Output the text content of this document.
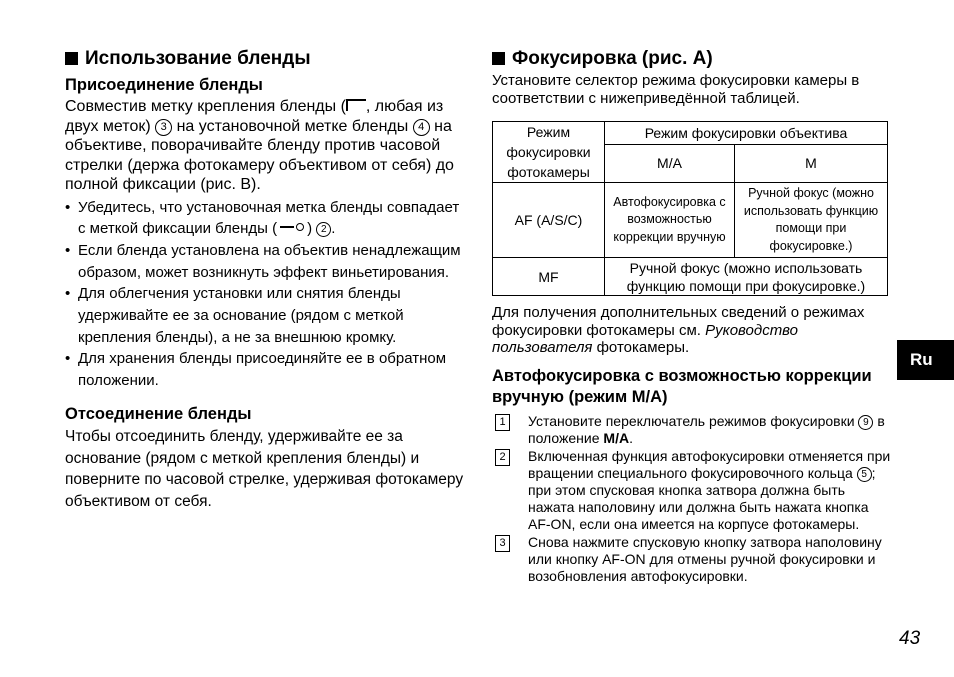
Использование бленды
Присоединение бленды

Совместив метку крепления бленды ( , любая из двух меток) 3 на установочной метке бленды 4 на объективе, поворачивайте бленду против часовой стрелки (держа фотокамеру объективом от себя) до полной фиксации (рис. B).

• Убедитесь, что установочная метка бленды совпадает с меткой фиксации бленды ( ) 2 .

• Если бленда установлена на объектив ненадлежащим образом, может возникнуть эффект виньетирования.

• Для облегчения установки или снятия бленды удерживайте ее за основание (рядом с меткой крепления бленды), а не за внешнюю кромку.

• Для хранения бленды присоединяйте ее в обратном положении.

Отсоединение бленды

Чтобы отсоединить бленду, удерживайте ее за основание (рядом с меткой крепления бленды) и поверните по часовой стрелке, удерживая фотокамеру объективом от себя.

Фокусировка (рис. A)

Установите селектор режима фокусировки камеры в соответствии с нижеприведённой таблицей.

Режим фокусировки фотокамеры	Режим фокусировки объектива	
	M/A	M
AF (A/S/C)	Автофокусировка с возможностью коррекции вручную	Ручной фокус (можно использовать функцию помощи при фокусировке.)
MF	Ручной фокус (можно использовать функцию помощи при фокусировке.)	

Для получения дополнительных сведений о режимах фокусировки фотокамеры см. Руководство пользователя фотокамеры.

Автофокусировка с возможностью коррекции вручную (режим M/A)
1	Установите переключатель режимов фокусировки 9 в положение M/A.
2	Включенная функция автофокусировки отменяется при вращении специального фокусировочного кольца 5 ; при этом спусковая кнопка затвора должна быть нажата наполовину или должна быть нажата кнопка AF-ON, если она имеется на корпусе фотокамеры.
3	Снова нажмите спусковую кнопку затвора наполовину или кнопку AF-ON для отмены ручной фокусировки и возобновления автофокусировки.
Ru
43
